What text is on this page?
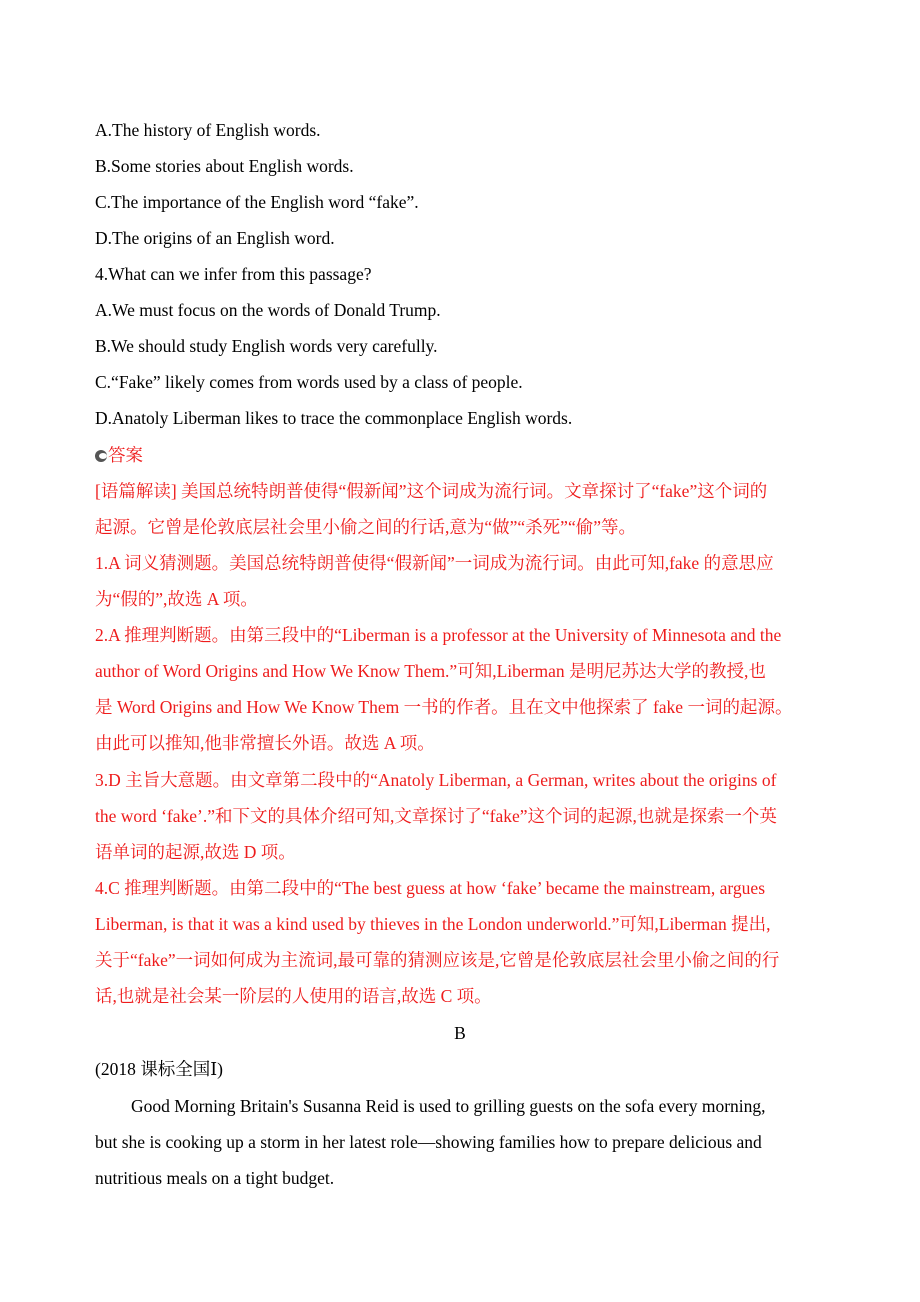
A.The history of English words.
B.Some stories about English words.
C.The importance of the English word “fake”.
D.The origins of an English word.
4.What can we infer from this passage?
A.We must focus on the words of Donald Trump.
B.We should study English words very carefully.
C.“Fake” likely comes from words used by a class of people.
D.Anatoly Liberman likes to trace the commonplace English words.
答案
[语篇解读] 美国总统特朗普使得“假新闻”这个词成为流行词。文章探讨了“fake”这个词的
起源。它曾是伦敦底层社会里小偷之间的行话,意为“做”“杀死”“偷”等。
1.A 词义猜测题。美国总统特朗普使得“假新闻”一词成为流行词。由此可知,fake 的意思应
为“假的”,故选 A 项。
2.A 推理判断题。由第三段中的“Liberman is a professor at the University of Minnesota and the
author of Word Origins and How We Know Them.”可知,Liberman 是明尼苏达大学的教授,也
是 Word Origins and How We Know Them 一书的作者。且在文中他探索了 fake 一词的起源。
由此可以推知,他非常擅长外语。故选 A 项。
3.D 主旨大意题。由文章第二段中的“Anatoly Liberman, a German, writes about the origins of
the word ‘fake’.”和下文的具体介绍可知,文章探讨了“fake”这个词的起源,也就是探索一个英
语单词的起源,故选 D 项。
4.C 推理判断题。由第二段中的“The best guess at how ‘fake’ became the mainstream, argues
Liberman, is that it was a kind used by thieves in the London underworld.”可知,Liberman 提出,
关于“fake”一词如何成为主流词,最可靠的猜测应该是,它曾是伦敦底层社会里小偷之间的行
话,也就是社会某一阶层的人使用的语言,故选 C 项。
B
(2018 课标全国Ⅰ)
Good Morning Britain's Susanna Reid is used to grilling guests on the sofa every morning,
but she is cooking up a storm in her latest role—showing families how to prepare delicious and
nutritious meals on a tight budget.
